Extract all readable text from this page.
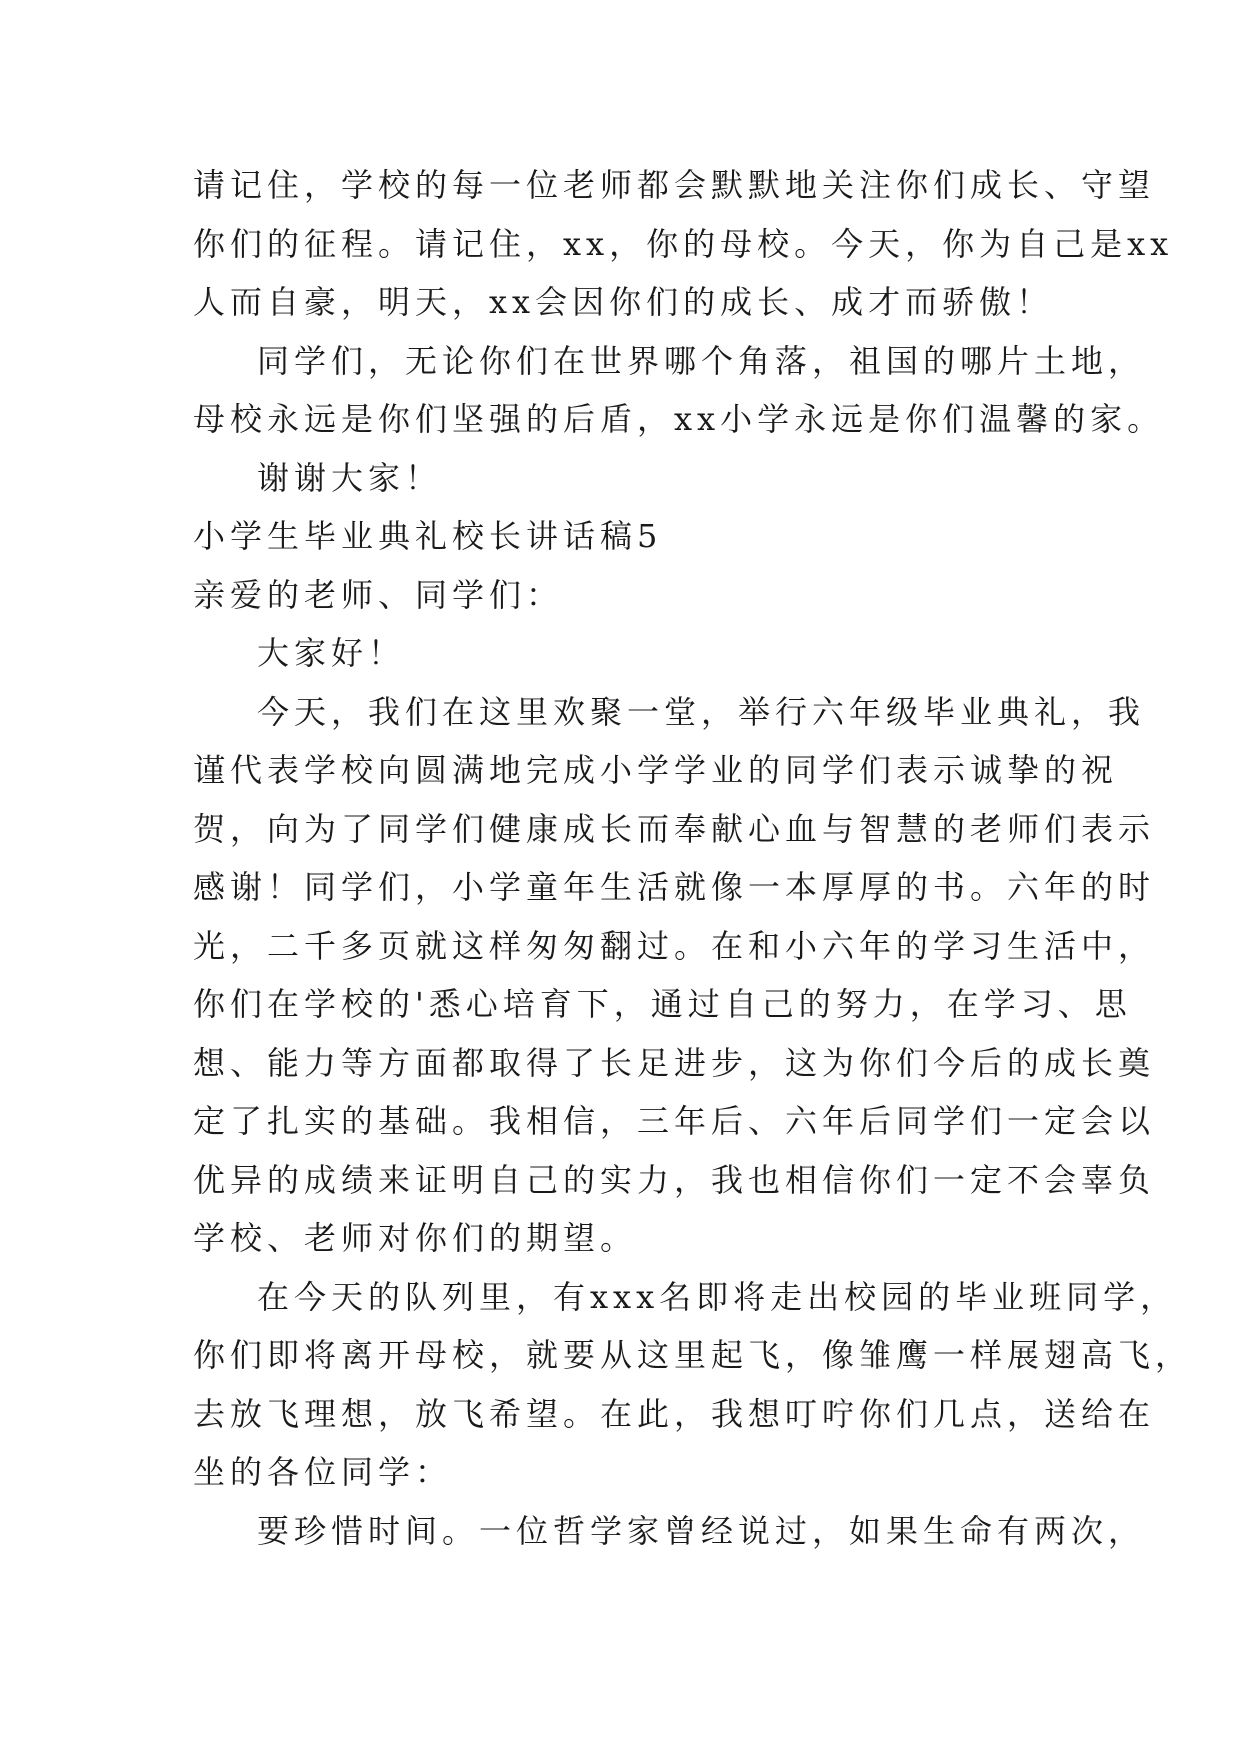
请记住，学校的每一位老师都会默默地关注你们成长、守望
你们的征程。请记住，xx，你的母校。今天，你为自己是xx
人而自豪，明天，xx会因你们的成长、成才而骄傲！
同学们，无论你们在世界哪个角落，祖国的哪片土地，
母校永远是你们坚强的后盾，xx小学永远是你们温馨的家。
谢谢大家！
小学生毕业典礼校长讲话稿5
亲爱的老师、同学们：
大家好！
今天，我们在这里欢聚一堂，举行六年级毕业典礼，我
谨代表学校向圆满地完成小学学业的同学们表示诚挚的祝
贺，向为了同学们健康成长而奉献心血与智慧的老师们表示
感谢！同学们，小学童年生活就像一本厚厚的书。六年的时
光，二千多页就这样匆匆翻过。在和小六年的学习生活中，
你们在学校的'悉心培育下，通过自己的努力，在学习、思
想、能力等方面都取得了长足进步，这为你们今后的成长奠
定了扎实的基础。我相信，三年后、六年后同学们一定会以
优异的成绩来证明自己的实力，我也相信你们一定不会辜负
学校、老师对你们的期望。
在今天的队列里，有xxx名即将走出校园的毕业班同学，
你们即将离开母校，就要从这里起飞，像雏鹰一样展翅高飞，
去放飞理想，放飞希望。在此，我想叮咛你们几点，送给在
坐的各位同学：
要珍惜时间。一位哲学家曾经说过，如果生命有两次，
